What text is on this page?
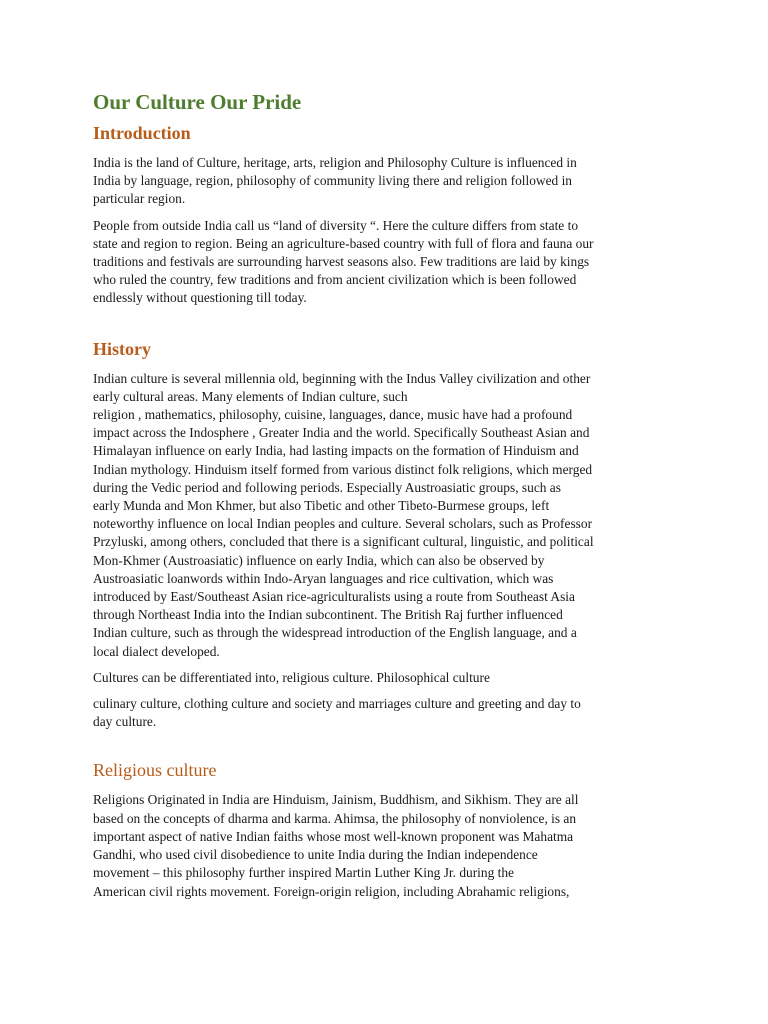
Our Culture Our Pride
Introduction

India is the land of Culture, heritage, arts, religion and Philosophy Culture is influenced in
India by language, region, philosophy of community living there and religion followed in
particular region.

People from outside India call us “land of diversity “. Here the culture differs from state to
state and region to region. Being an agriculture-based country with full of flora and fauna our
traditions and festivals are surrounding harvest seasons also. Few traditions are laid by kings
who ruled the country, few traditions and from ancient civilization which is been followed
endlessly without questioning till today.

History

Indian culture is several millennia old, beginning with the Indus Valley civilization and other
early cultural areas. Many elements of Indian culture, such
religion , mathematics, philosophy, cuisine, languages, dance, music have had a profound
impact across the Indosphere , Greater India and the world. Specifically Southeast Asian and
Himalayan influence on early India, had lasting impacts on the formation of Hinduism and
Indian mythology. Hinduism itself formed from various distinct folk religions, which merged
during the Vedic period and following periods. Especially Austroasiatic groups, such as
early Munda and Mon Khmer, but also Tibetic and other Tibeto-Burmese groups, left
noteworthy influence on local Indian peoples and culture. Several scholars, such as Professor
Przyluski, among others, concluded that there is a significant cultural, linguistic, and political
Mon-Khmer (Austroasiatic) influence on early India, which can also be observed by
Austroasiatic loanwords within Indo-Aryan languages and rice cultivation, which was
introduced by East/Southeast Asian rice-agriculturalists using a route from Southeast Asia
through Northeast India into the Indian subcontinent. The British Raj further influenced
Indian culture, such as through the widespread introduction of the English language, and a
local dialect developed.

Cultures can be differentiated into, religious culture. Philosophical culture

culinary culture, clothing culture and society and marriages culture and greeting and day to
day culture.

Religious culture

Religions Originated in India are Hinduism, Jainism, Buddhism, and Sikhism. They are all
based on the concepts of dharma and karma. Ahimsa, the philosophy of nonviolence, is an
important aspect of native Indian faiths whose most well-known proponent was Mahatma
Gandhi, who used civil disobedience to unite India during the Indian independence
movement – this philosophy further inspired Martin Luther King Jr. during the
American civil rights movement. Foreign-origin religion, including Abrahamic religions,
